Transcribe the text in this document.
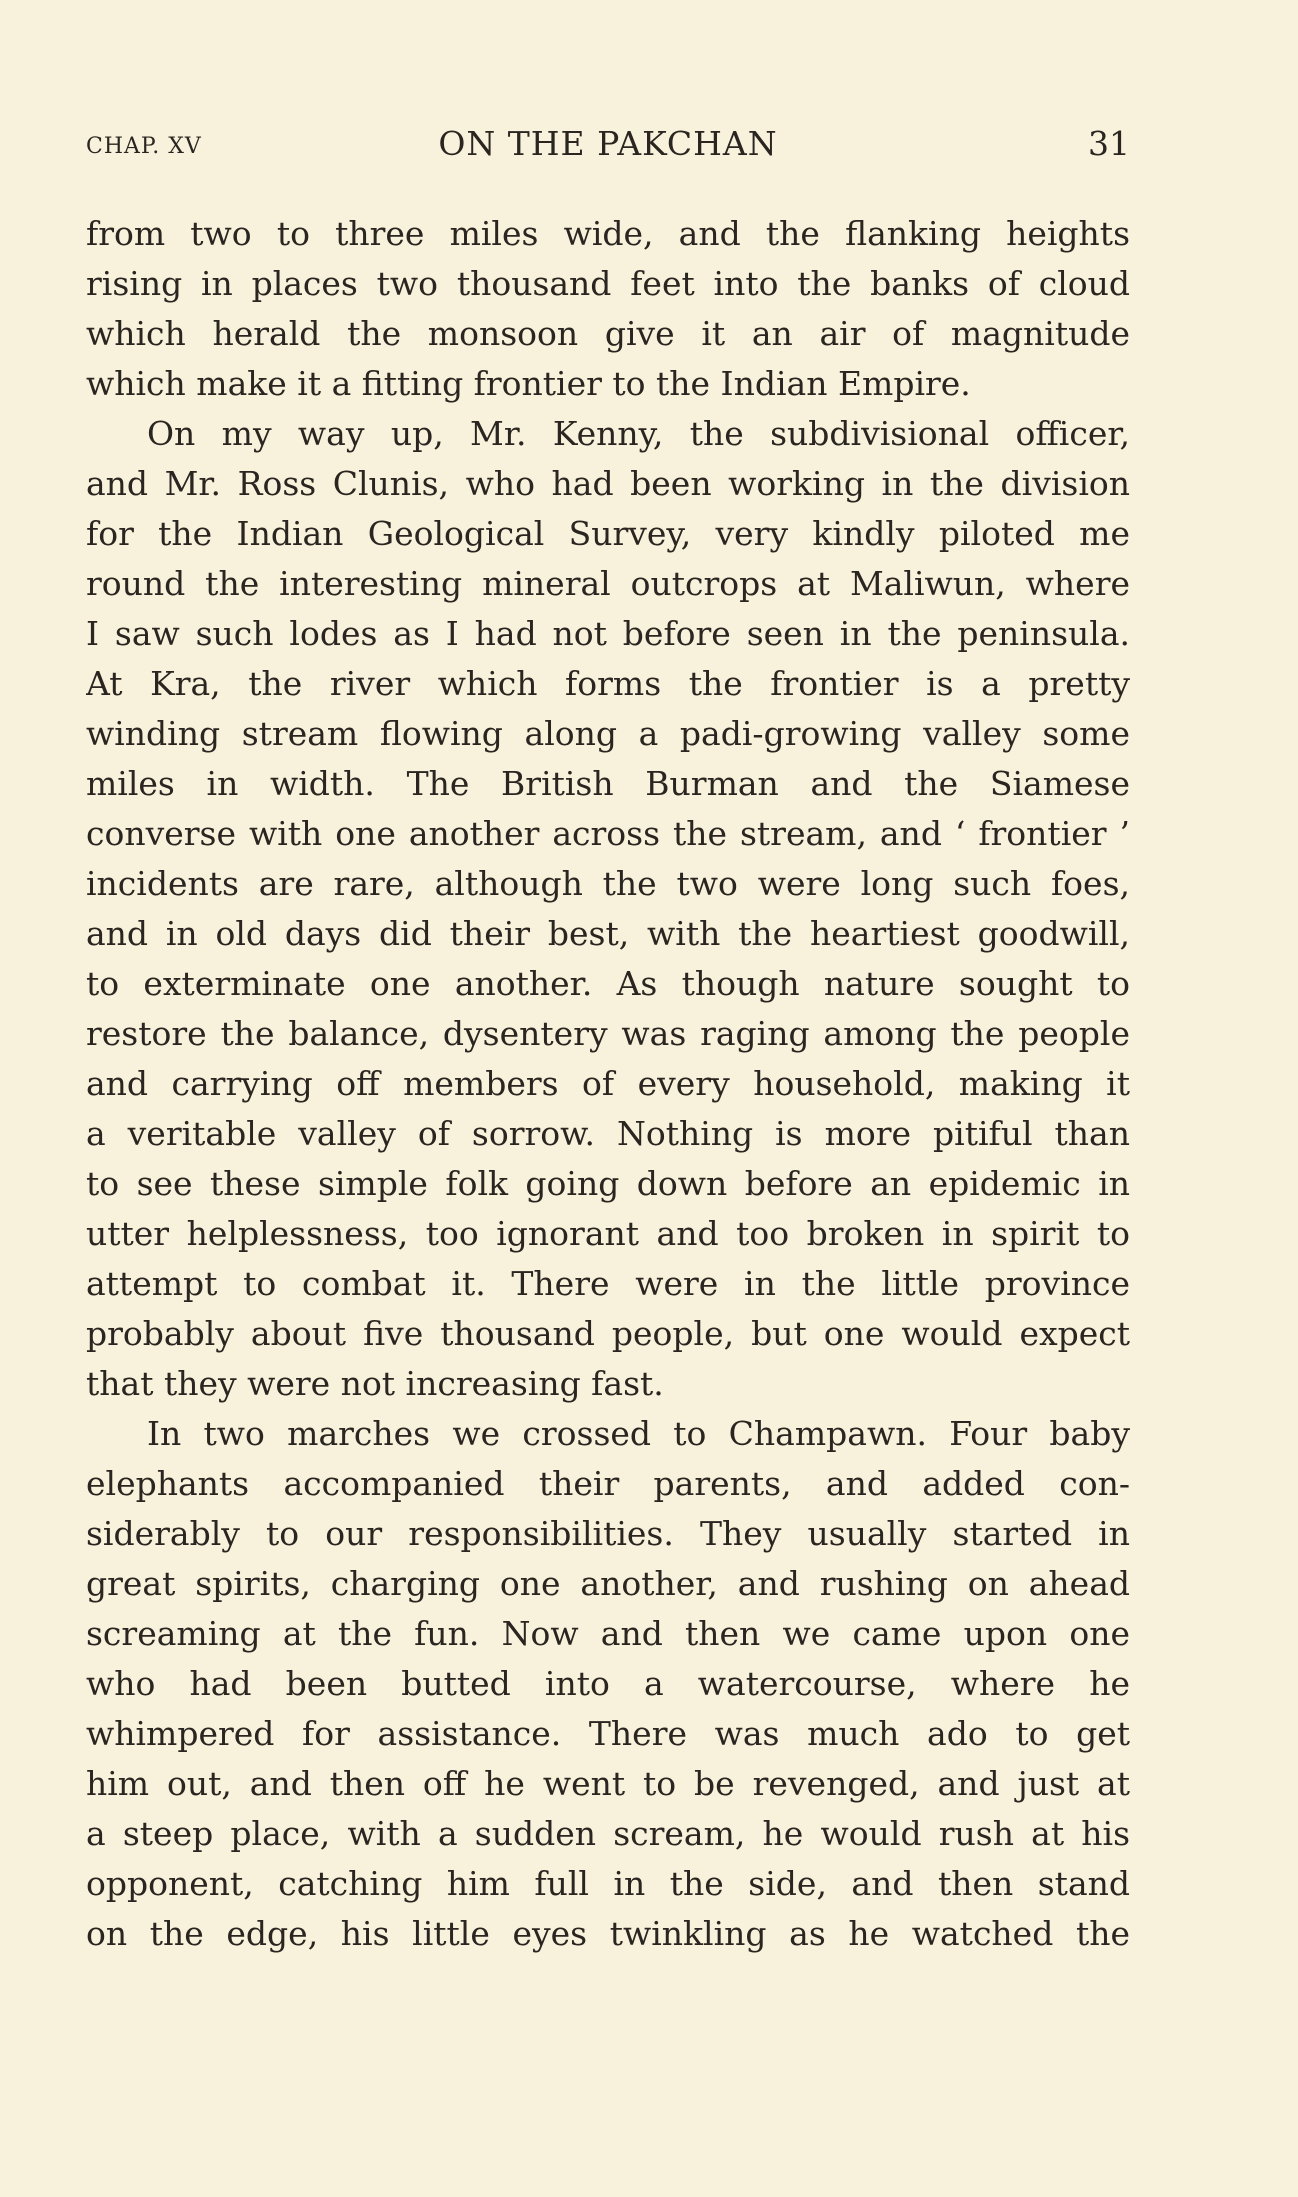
CHAP. XV	ON THE PAKCHAN	31
from two to three miles wide, and the flanking heights
rising in places two thousand feet into the banks of cloud
which herald the monsoon give it an air of magnitude
which make it a fitting frontier to the Indian Empire.
On my way up, Mr. Kenny, the subdivisional officer,
and Mr. Ross Clunis, who had been working in the division
for the Indian Geological Survey, very kindly piloted me
round the interesting mineral outcrops at Maliwun, where
I saw such lodes as I had not before seen in the peninsula.
At Kra, the river which forms the frontier is a pretty
winding stream flowing along a padi-growing valley some
miles in width. The British Burman and the Siamese
converse with one another across the stream, and ‘ frontier ’
incidents are rare, although the two were long such foes,
and in old days did their best, with the heartiest goodwill,
to exterminate one another. As though nature sought to
restore the balance, dysentery was raging among the people
and carrying off members of every household, making it
a veritable valley of sorrow. Nothing is more pitiful than
to see these simple folk going down before an epidemic in
utter helplessness, too ignorant and too broken in spirit to
attempt to combat it. There were in the little province
probably about five thousand people, but one would expect
that they were not increasing fast.
In two marches we crossed to Champawn. Four baby
elephants accompanied their parents, and added con-
siderably to our responsibilities. They usually started in
great spirits, charging one another, and rushing on ahead
screaming at the fun. Now and then we came upon one
who had been butted into a watercourse, where he
whimpered for assistance. There was much ado to get
him out, and then off he went to be revenged, and just at
a steep place, with a sudden scream, he would rush at his
opponent, catching him full in the side, and then stand
on the edge, his little eyes twinkling as he watched the
